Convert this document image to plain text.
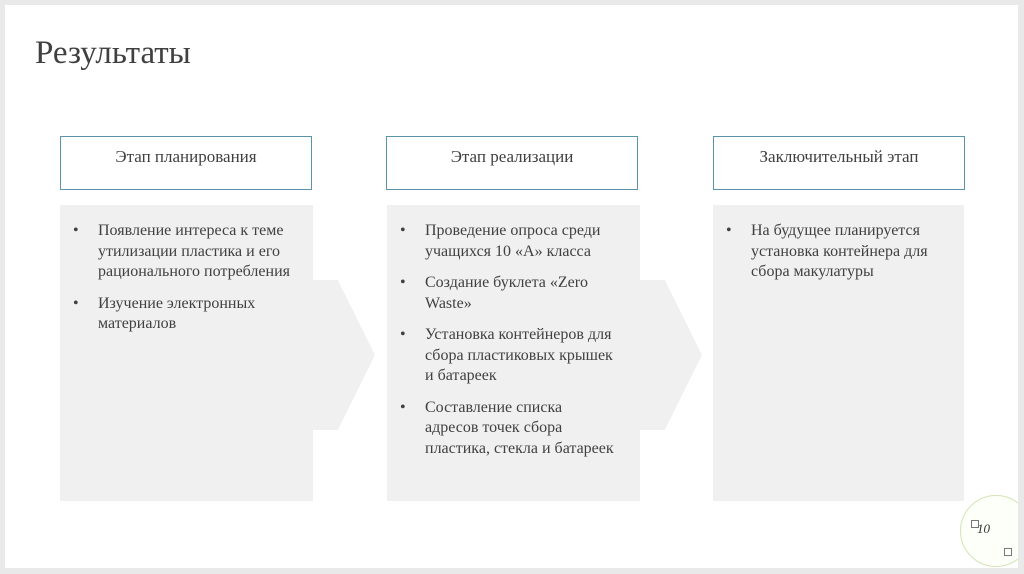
Результаты
Этап планирования
• Появление интереса к теме утилизации пластика и его рационального потребления
• Изучение электронных материалов
Этап реализации
• Проведение опроса среди учащихся 10 «А» класса
• Создание буклета «Zero Waste»
• Установка контейнеров для сбора пластиковых крышек и батареек
• Составление списка адресов точек сбора пластика, стекла и батареек
Заключительный этап
• На будущее планируется установка контейнера для сбора макулатуры
10
